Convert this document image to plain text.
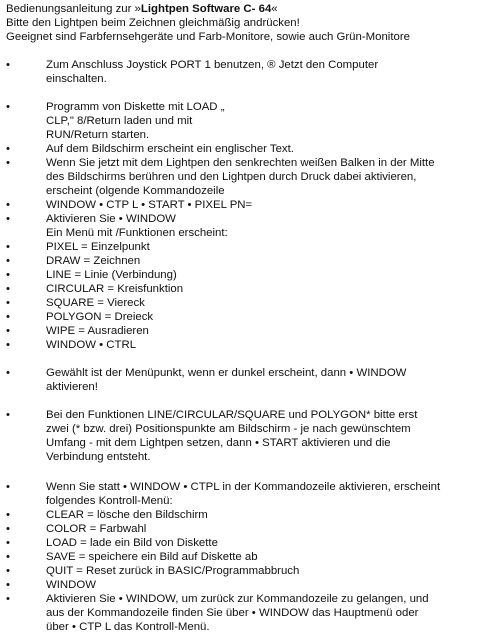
Bedienungsanleitung zur »Lightpen Software C- 64«
Bitte den Lightpen beim Zeichnen gleichmäßig andrücken!
Geeignet sind Farbfernsehgeräte und Farb-Monitore, sowie auch Grün-Monitore
•	Zum Anschluss Joystick PORT 1 benutzen, ® Jetzt den Computer
einschalten.
•	Programm von Diskette mit LOAD „
CLP," 8/Return laden und mit
RUN/Return starten.
•	Auf dem Bildschirm erscheint ein englischer Text.
•	Wenn Sie jetzt mit dem Lightpen den senkrechten weißen Balken in der Mitte
des Bildschirms berühren und den Lightpen durch Druck dabei aktivieren,
erscheint (olgende Kommandozeile
•	WINDOW • CTP L • START • PIXEL PN=
•	Aktivieren Sie • WINDOW
Ein Menü mit /Funktionen erscheint:
•	PIXEL = Einzelpunkt
•	DRAW = Zeichnen
•	LINE = Linie (Verbindung)
•	CIRCULAR = Kreisfunktion
•	SQUARE = Viereck
•	POLYGON = Dreieck
•	WIPE = Ausradieren
•	WINDOW • CTRL
•	Gewählt ist der Menüpunkt, wenn er dunkel erscheint, dann • WINDOW
aktivieren!
•	Bei den Funktionen LINE/CIRCULAR/SQUARE und POLYGON* bitte erst
zwei (* bzw. drei) Positionspunkte am Bildschirm - je nach gewünschtem
Umfang - mit dem Lightpen setzen, dann • START aktivieren und die
Verbindung entsteht.
•	Wenn Sie statt • WINDOW • CTPL in der Kommandozeile aktivieren, erscheint
folgendes Kontroll-Menü:
•	CLEAR = lösche den Bildschirm
•	COLOR = Farbwahl
•	LOAD = lade ein Bild von Diskette
•	SAVE = speichere ein Bild auf Diskette ab
•	QUIT = Reset zurück in BASIC/Programmabbruch
•	WINDOW
•	Aktivieren Sie • WINDOW, um zurück zur Kommandozeile zu gelangen, und
aus der Kommandozeile finden Sie über • WINDOW das Hauptmenü oder
über • CTP L das Kontroll-Menü.
